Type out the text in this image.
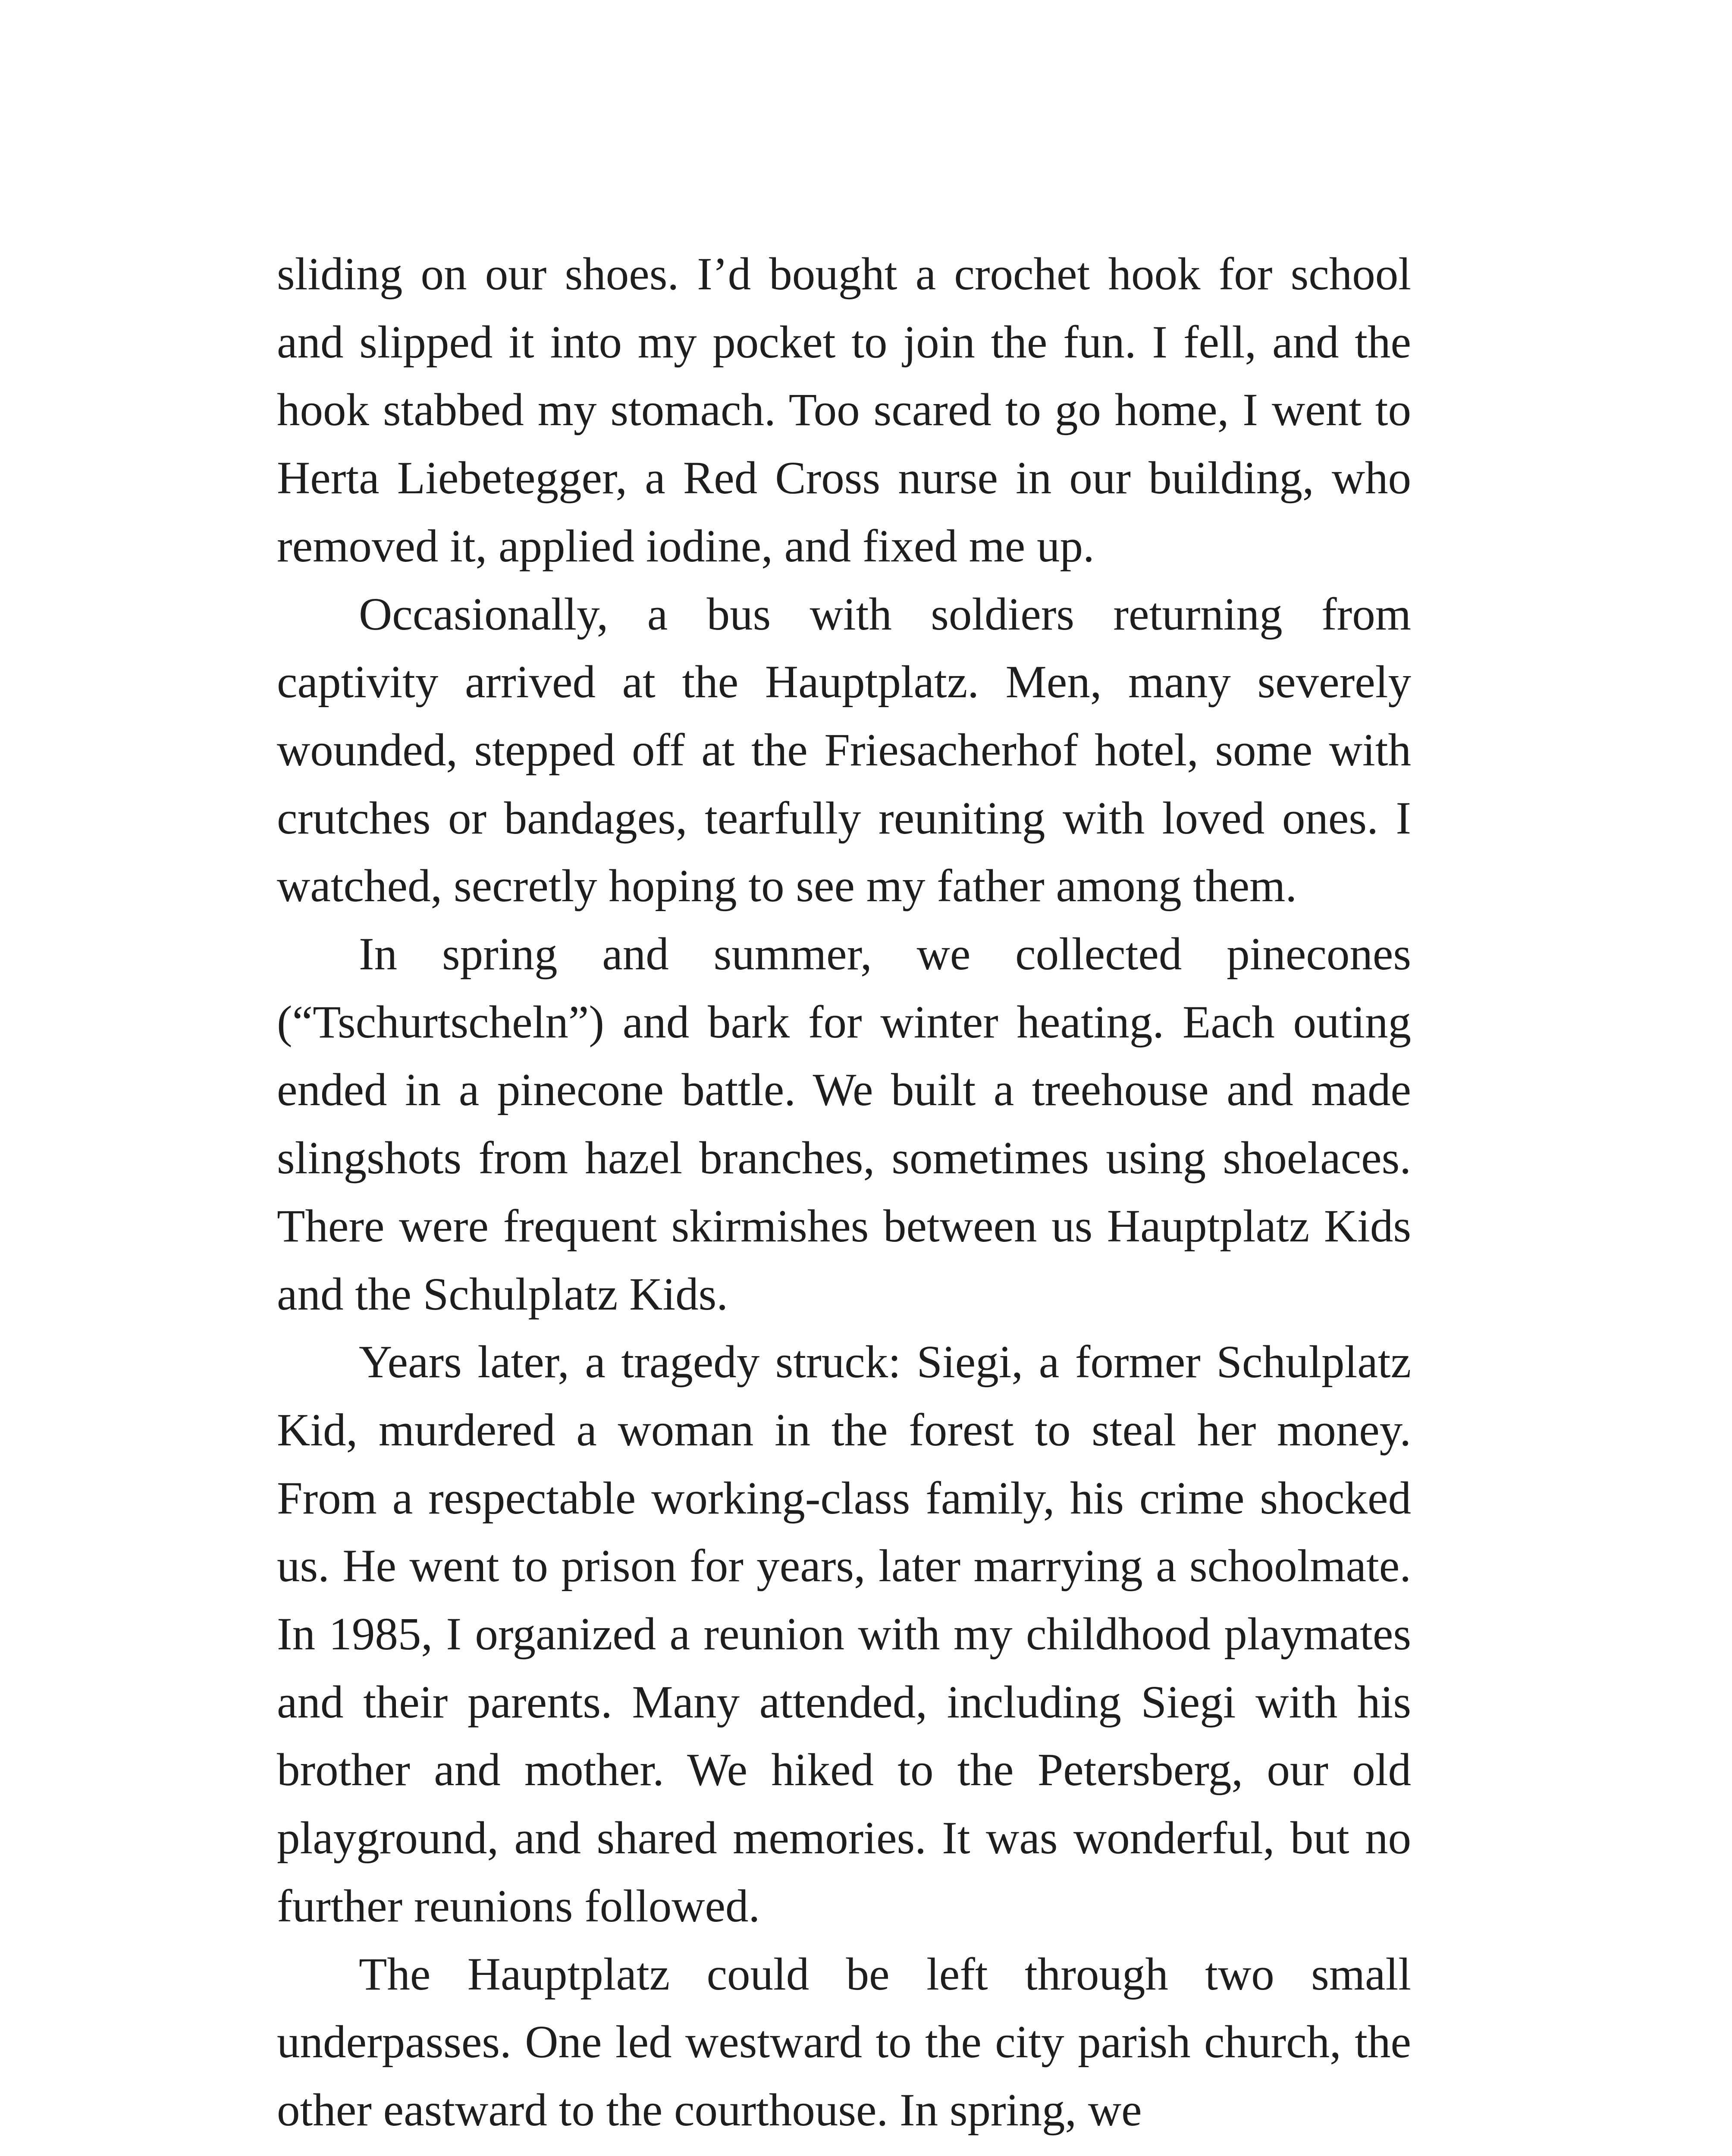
sliding on our shoes. I’d bought a crochet hook for school and slipped it into my pocket to join the fun. I fell, and the hook stabbed my stomach. Too scared to go home, I went to Herta Liebetegger, a Red Cross nurse in our building, who removed it, applied iodine, and fixed me up.

Occasionally, a bus with soldiers returning from captivity arrived at the Hauptplatz. Men, many severely wounded, stepped off at the Friesacherhof hotel, some with crutches or bandages, tearfully reuniting with loved ones. I watched, secretly hoping to see my father among them.

In spring and summer, we collected pinecones (“Tschurtscheln”) and bark for winter heating. Each outing ended in a pinecone battle. We built a treehouse and made slingshots from hazel branches, sometimes using shoelaces. There were frequent skirmishes between us Hauptplatz Kids and the Schulplatz Kids.

Years later, a tragedy struck: Siegi, a former Schulplatz Kid, murdered a woman in the forest to steal her money. From a respectable working-class family, his crime shocked us. He went to prison for years, later marrying a schoolmate. In 1985, I organized a reunion with my childhood playmates and their parents. Many attended, including Siegi with his brother and mother. We hiked to the Petersberg, our old playground, and shared memories. It was wonderful, but no further reunions followed.

The Hauptplatz could be left through two small underpasses. One led westward to the city parish church, the other eastward to the courthouse. In spring, we
